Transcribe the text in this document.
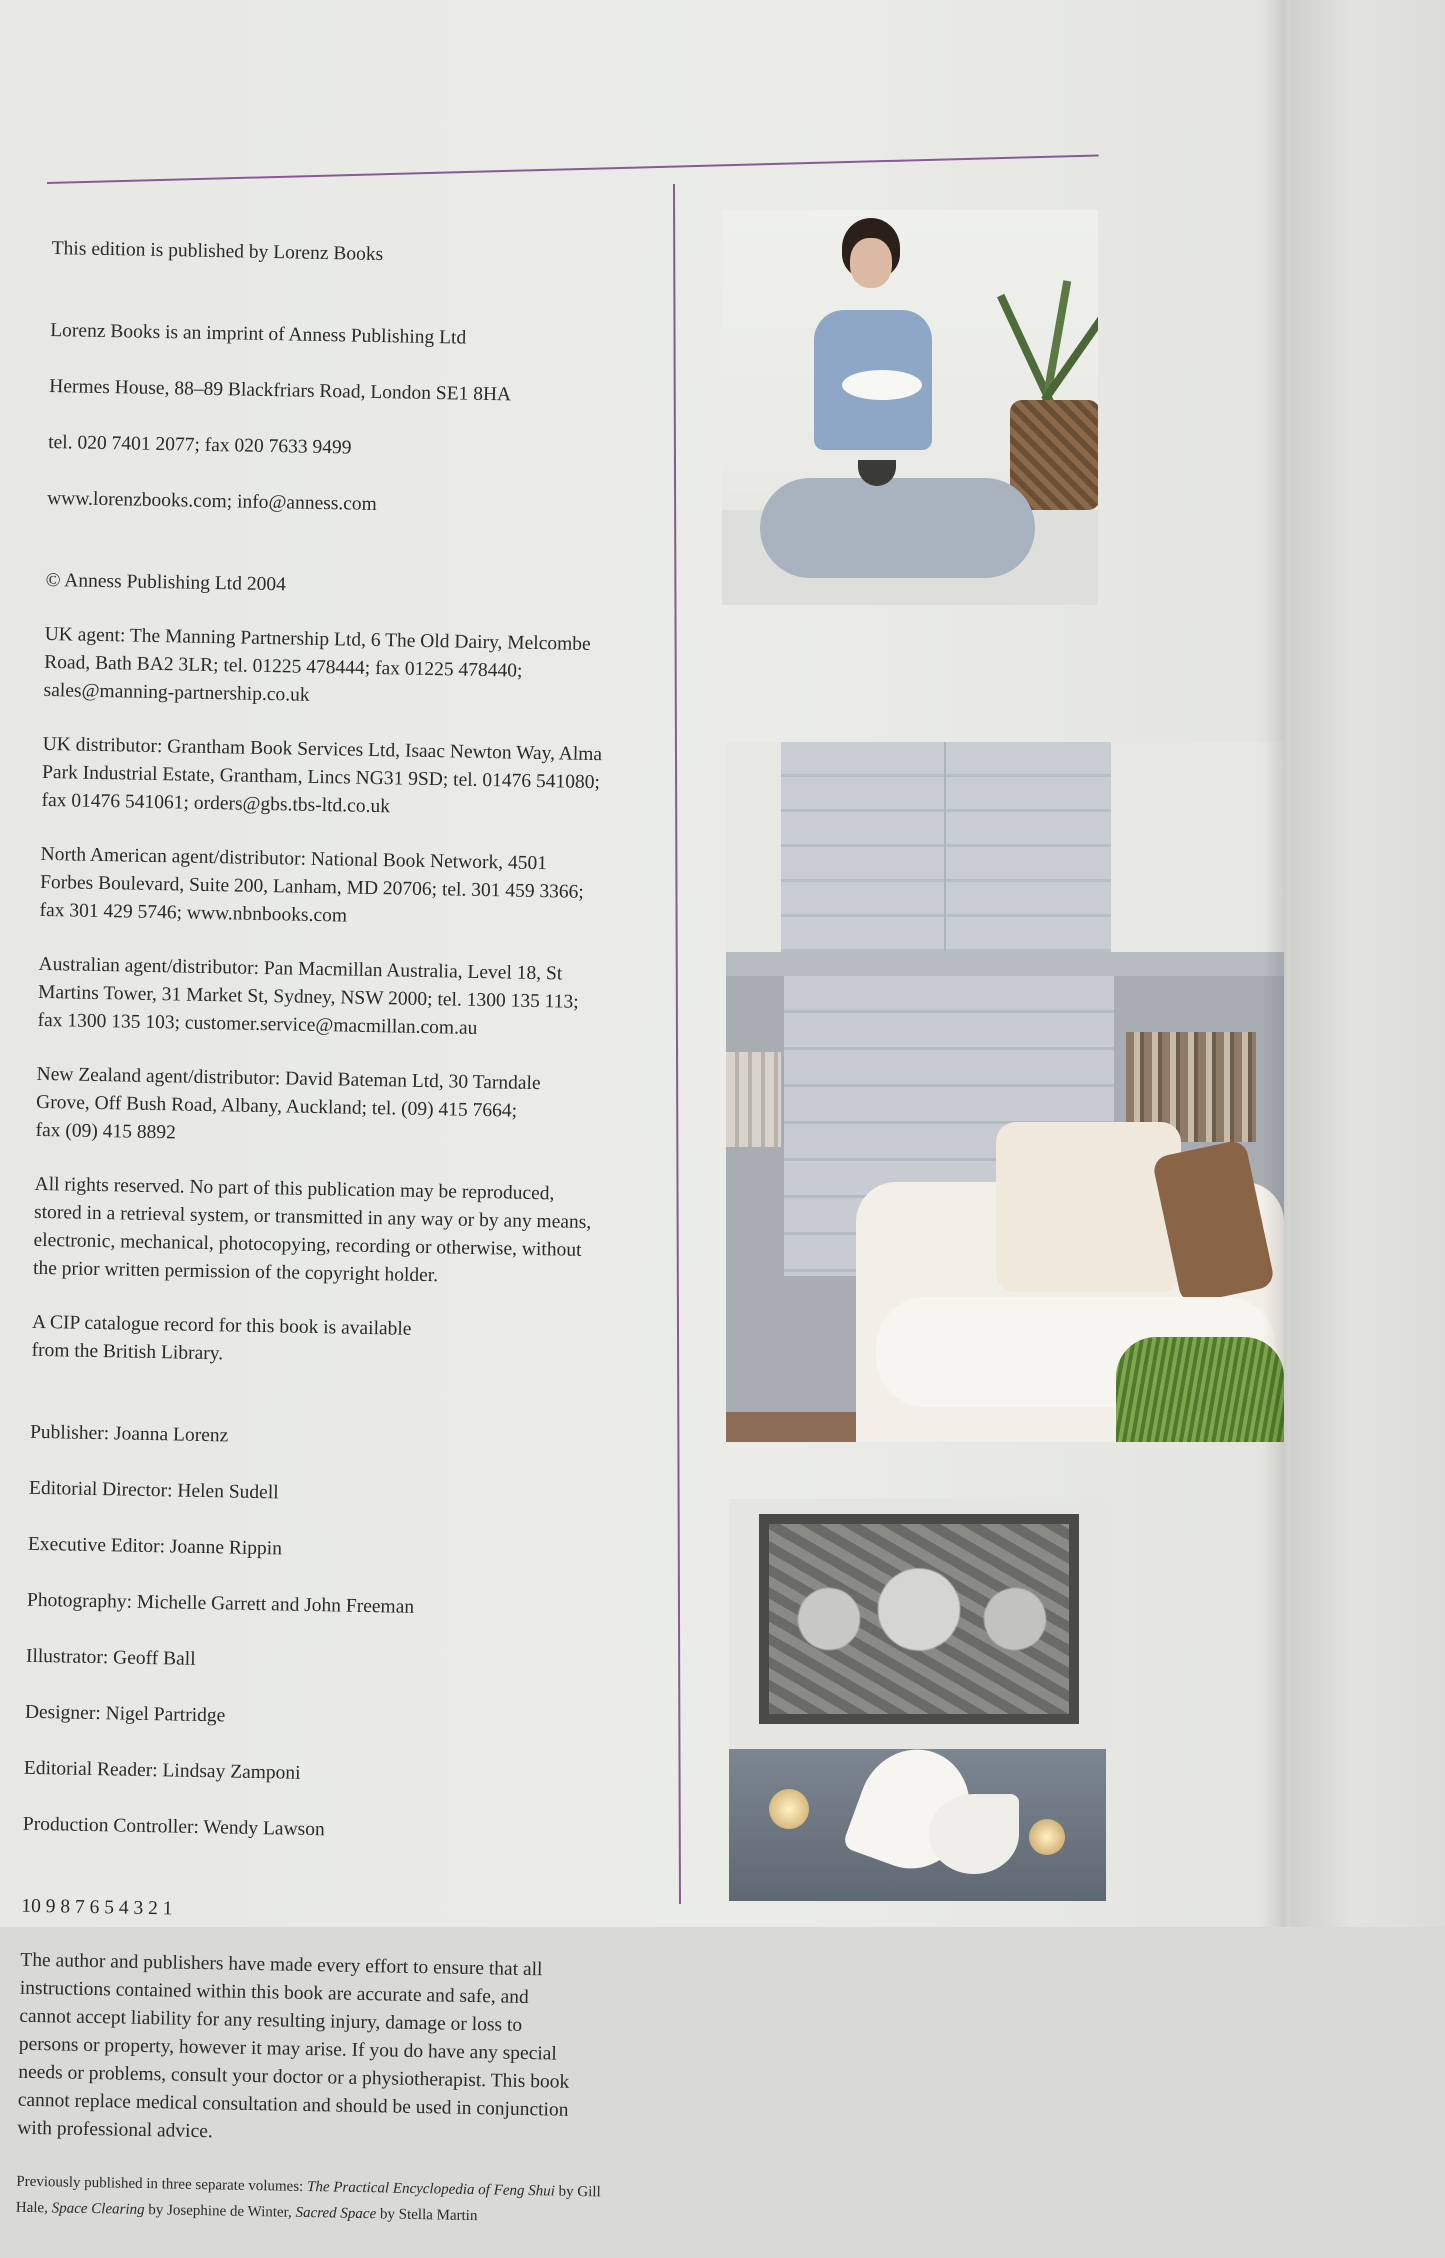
This edition is published by Lorenz Books

Lorenz Books is an imprint of Anness Publishing Ltd

Hermes House, 88–89 Blackfriars Road, London SE1 8HA

tel. 020 7401 2077; fax 020 7633 9499

www.lorenzbooks.com; info@anness.com

© Anness Publishing Ltd 2004

UK agent: The Manning Partnership Ltd, 6 The Old Dairy, Melcombe
Road, Bath BA2 3LR; tel. 01225 478444; fax 01225 478440;
sales@manning-partnership.co.uk

UK distributor: Grantham Book Services Ltd, Isaac Newton Way, Alma
Park Industrial Estate, Grantham, Lincs NG31 9SD; tel. 01476 541080;
fax 01476 541061; orders@gbs.tbs-ltd.co.uk

North American agent/distributor: National Book Network, 4501
Forbes Boulevard, Suite 200, Lanham, MD 20706; tel. 301 459 3366;
fax 301 429 5746; www.nbnbooks.com

Australian agent/distributor: Pan Macmillan Australia, Level 18, St
Martins Tower, 31 Market St, Sydney, NSW 2000; tel. 1300 135 113;
fax 1300 135 103; customer.service@macmillan.com.au

New Zealand agent/distributor: David Bateman Ltd, 30 Tarndale
Grove, Off Bush Road, Albany, Auckland; tel. (09) 415 7664;
fax (09) 415 8892

All rights reserved. No part of this publication may be reproduced,
stored in a retrieval system, or transmitted in any way or by any means,
electronic, mechanical, photocopying, recording or otherwise, without
the prior written permission of the copyright holder.

A CIP catalogue record for this book is available
from the British Library.

Publisher: Joanna Lorenz

Editorial Director: Helen Sudell

Executive Editor: Joanne Rippin

Photography: Michelle Garrett and John Freeman

Illustrator: Geoff Ball

Designer: Nigel Partridge

Editorial Reader: Lindsay Zamponi

Production Controller: Wendy Lawson

10 9 8 7 6 5 4 3 2 1

The author and publishers have made every effort to ensure that all
instructions contained within this book are accurate and safe, and
cannot accept liability for any resulting injury, damage or loss to
persons or property, however it may arise. If you do have any special
needs or problems, consult your doctor or a physiotherapist. This book
cannot replace medical consultation and should be used in conjunction
with professional advice.

Previously published in three separate volumes: The Practical Encyclopedia of Feng Shui by Gill
Hale, Space Clearing by Josephine de Winter, Sacred Space by Stella Martin
